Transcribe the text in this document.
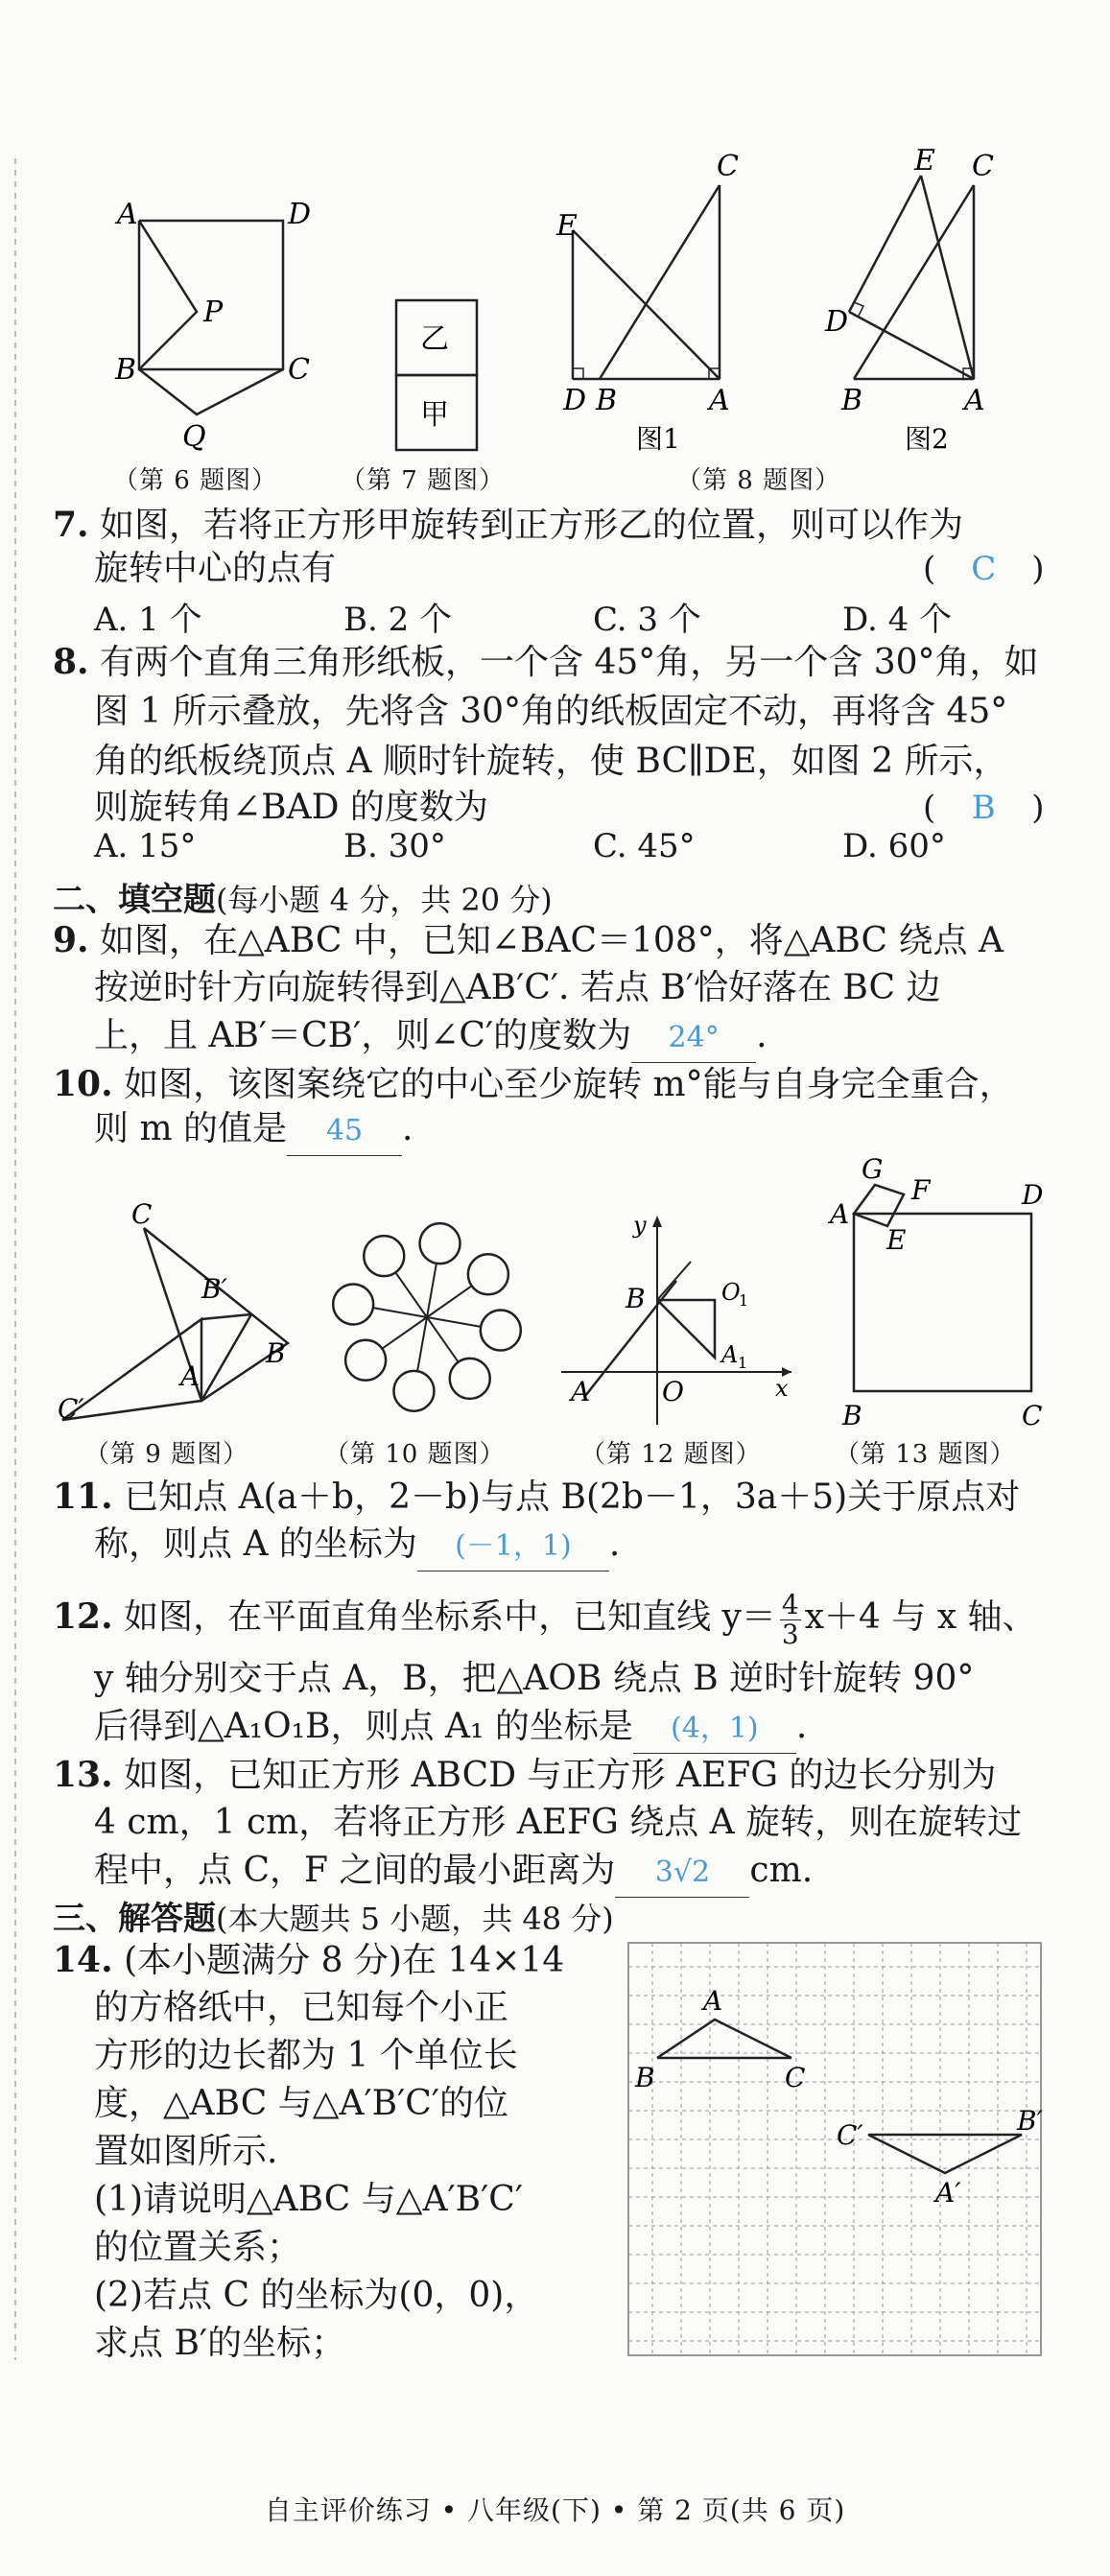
A	D
P
B	C
Q
乙
甲
C
E
D B	A
图1
E C
D
B	A
图2
（第 6 题图）	（第 7 题图）	（第 8 题图）
7. 如图，若将正方形甲旋转到正方形乙的位置，则可以作为
旋转中心的点有	( C )
A. 1 个	B. 2 个	C. 3 个	D. 4 个
8. 有两个直角三角形纸板，一个含 45°角，另一个含 30°角，如
图 1 所示叠放，先将含 30°角的纸板固定不动，再将含 45°
角的纸板绕顶点 A 顺时针旋转，使 BC∥DE，如图 2 所示，
则旋转角∠BAD 的度数为	( B )
A. 15°	B. 30°	C. 45°	D. 60°
二、填空题(每小题 4 分，共 20 分)
9. 如图，在△ABC 中，已知∠BAC＝108°，将△ABC 绕点 A
按逆时针方向旋转得到△AB′C′. 若点 B′恰好落在 BC 边
上，且 AB′＝CB′，则∠C′的度数为 24° .
10. 如图，该图案绕它的中心至少旋转 m°能与自身完全重合，
则 m 的值是 45 .
C
B′
B
A
C′
y
B	O
1
A 1
A	O	x
G
F
A
E
D
B	C
（第 9 题图）	（第 10 题图）	（第 12 题图）	（第 13 题图）
11. 已知点 A(a＋b，2－b)与点 B(2b－1，3a＋5)关于原点对
称，则点 A 的坐标为 (－1，1) .
12. 如图，在平面直角坐标系中，已知直线 $y= \frac{4}{3} x+4$ 与 x 轴、
y 轴分别交于点 A，B，把△AOB 绕点 B 逆时针旋转 90°
后得到△A₁O₁B，则点 A₁ 的坐标是 (4，1) .
13. 如图，已知正方形 ABCD 与正方形 AEFG 的边长分别为
4 cm，1 cm，若将正方形 AEFG 绕点 A 旋转，则在旋转过
程中，点 C，F 之间的最小距离为 3√2 cm.
三、解答题(本大题共 5 小题，共 48 分)
14. (本小题满分 8 分)在 14×14
的方格纸中，已知每个小正
方形的边长都为 1 个单位长
度，△ABC 与△A′B′C′的位
置如图所示.
(1)请说明△ABC 与△A′B′C′
的位置关系；
(2)若点 C 的坐标为(0，0)，
求点 B′的坐标；
A
B	C
C′	B′
A′
自主评价练习 • 八年级(下) • 第 2 页(共 6 页)
